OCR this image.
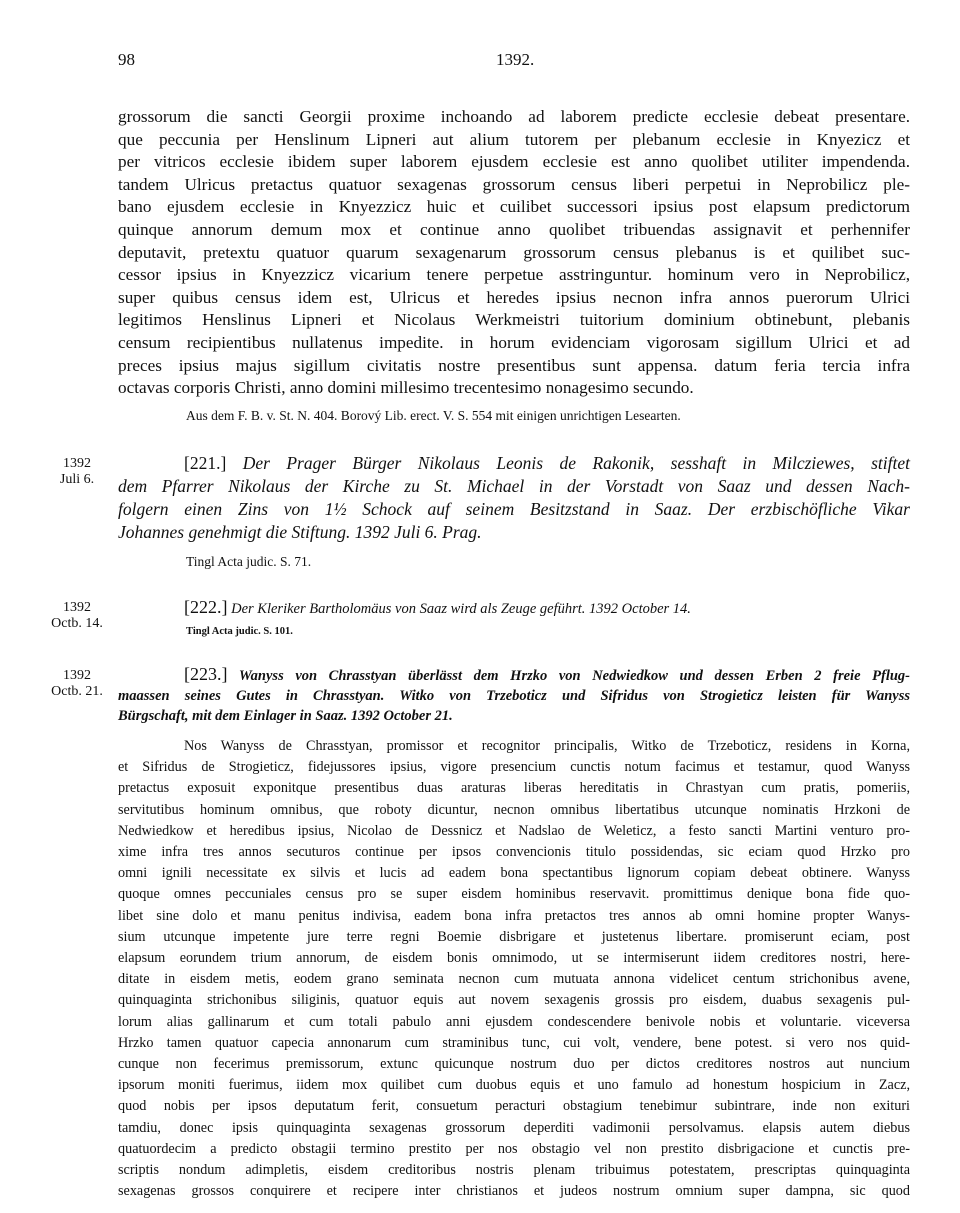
98	1392.
grossorum die sancti Georgii proxime inchoando ad laborem predicte ecclesie debeat presentare.
que peccunia per Henslinum Lipneri aut alium tutorem per plebanum ecclesie in Knyezicz et
per vitricos ecclesie ibidem super laborem ejusdem ecclesie est anno quolibet utiliter impendenda.
tandem Ulricus pretactus quatuor sexagenas grossorum census liberi perpetui in Neprobilicz ple-
bano ejusdem ecclesie in Knyezzicz huic et cuilibet successori ipsius post elapsum predictorum
quinque annorum demum mox et continue anno quolibet tribuendas assignavit et perhennifer
deputavit, pretextu quatuor quarum sexagenarum grossorum census plebanus is et quilibet suc-
cessor ipsius in Knyezzicz vicarium tenere perpetue asstringuntur. hominum vero in Neprobilicz,
super quibus census idem est, Ulricus et heredes ipsius necnon infra annos puerorum Ulrici
legitimos Henslinus Lipneri et Nicolaus Werkmeistri tuitorium dominium obtinebunt, plebanis
censum recipientibus nullatenus impedite. in horum evidenciam vigorosam sigillum Ulrici et ad
preces ipsius majus sigillum civitatis nostre presentibus sunt appensa. datum feria tercia infra
octavas corporis Christi, anno domini millesimo trecentesimo nonagesimo secundo.
Aus dem F. B. v. St. N. 404. Borový Lib. erect. V. S. 554 mit einigen unrichtigen Lesearten.
1392
Juli 6.
[221.] Der Prager Bürger Nikolaus Leonis de Rakonik, sesshaft in Milcziewes, stiftet
dem Pfarrer Nikolaus der Kirche zu St. Michael in der Vorstadt von Saaz und dessen Nach-
folgern einen Zins von 1½ Schock auf seinem Besitzstand in Saaz. Der erzbischöfliche Vikar
Johannes genehmigt die Stiftung. 1392 Juli 6. Prag.
Tingl Acta judic. S. 71.
1392
Octb. 14.
[222.] Der Kleriker Bartholomäus von Saaz wird als Zeuge geführt. 1392 October 14.
Tingl Acta judic. S. 101.
1392
Octb. 21.
[223.] Wanyss von Chrasstyan überlässt dem Hrzko von Nedwiedkow und dessen Erben 2 freie Pflug-
maassen seines Gutes in Chrasstyan. Witko von Trzeboticz und Sifridus von Strogieticz leisten für Wanyss
Bürgschaft, mit dem Einlager in Saaz. 1392 October 21.
Nos Wanyss de Chrasstyan, promissor et recognitor principalis, Witko de Trzeboticz, residens in Korna,
et Sifridus de Strogieticz, fidejussores ipsius, vigore presencium cunctis notum facimus et testamur, quod Wanyss
pretactus exposuit exponitque presentibus duas araturas liberas hereditatis in Chrastyan cum pratis, pomeriis,
servitutibus hominum omnibus, que roboty dicuntur, necnon omnibus libertatibus utcunque nominatis Hrzkoni de
Nedwiedkow et heredibus ipsius, Nicolao de Dessnicz et Nadslao de Weleticz, a festo sancti Martini venturo pro-
xime infra tres annos secuturos continue per ipsos convencionis titulo possidendas, sic eciam quod Hrzko pro
omni ignili necessitate ex silvis et lucis ad eadem bona spectantibus lignorum copiam debeat obtinere. Wanyss
quoque omnes peccuniales census pro se super eisdem hominibus reservavit. promittimus denique bona fide quo-
libet sine dolo et manu penitus indivisa, eadem bona infra pretactos tres annos ab omni homine propter Wanys-
sium utcunque impetente jure terre regni Boemie disbrigare et justetenus libertare. promiserunt eciam, post
elapsum eorundem trium annorum, de eisdem bonis omnimodo, ut se intermiserunt iidem creditores nostri, here-
ditate in eisdem metis, eodem grano seminata necnon cum mutuata annona videlicet centum strichonibus avene,
quinquaginta strichonibus siliginis, quatuor equis aut novem sexagenis grossis pro eisdem, duabus sexagenis pul-
lorum alias gallinarum et cum totali pabulo anni ejusdem condescendere benivole nobis et voluntarie. viceversa
Hrzko tamen quatuor capecia annonarum cum straminibus tunc, cui volt, vendere, bene potest. si vero nos quid-
cunque non fecerimus premissorum, extunc quicunque nostrum duo per dictos creditores nostros aut nuncium
ipsorum moniti fuerimus, iidem mox quilibet cum duobus equis et uno famulo ad honestum hospicium in Zacz,
quod nobis per ipsos deputatum ferit, consuetum peracturi obstagium tenebimur subintrare, inde non exituri
tamdiu, donec ipsis quinquaginta sexagenas grossorum deperditi vadimonii persolvamus. elapsis autem diebus
quatuordecim a predicto obstagii termino prestito per nos obstagio vel non prestito disbrigacione et cunctis pre-
scriptis nondum adimpletis, eisdem creditoribus nostris plenam tribuimus potestatem, prescriptas quinquaginta
sexagenas grossos conquirere et recipere inter christianos et judeos nostrum omnium super dampna, sic quod
